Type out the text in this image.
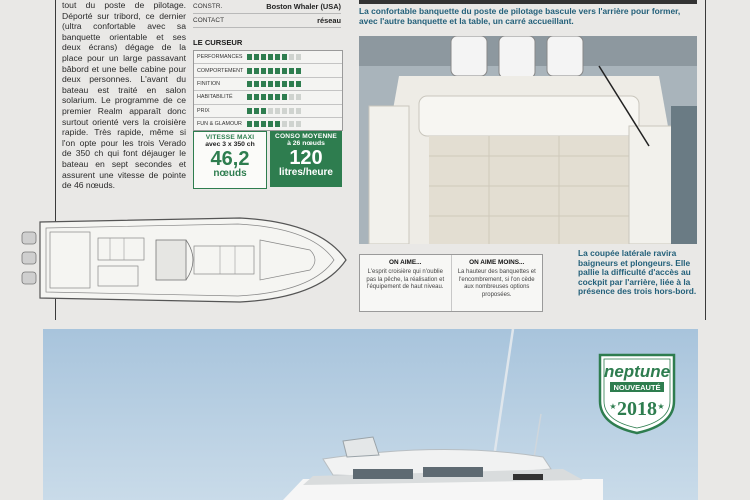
tout du poste de pilotage. Déporté sur tribord, ce dernier (ultra confortable avec sa banquette orientable et ses deux écrans) dégage de la place pour un large passavant bâbord et une belle cabine pour deux personnes. L'avant du bateau est traité en salon solarium. Le programme de ce premier Realm apparaît donc surtout orienté vers la croisière rapide. Très rapide, même si l'on opte pour les trois Verado de 350 ch qui font déjauger le bateau en sept secondes et assurent une vitesse de pointe de 46 nœuds.
CONSTR.	Boston Whaler (USA)
CONTACT	réseau
LE CURSEUR
PERFORMANCES
COMPORTEMENT
FINITION
HABITABILITÉ
PRIX
FUN & GLAMOUR
VITESSE MAXI
avec 3 x 350 ch
46,2
nœuds
CONSO MOYENNE
à 26 nœuds
120
litres/heure
La confortable banquette du poste de pilotage bascule vers l'arrière pour former, avec l'autre banquette et la table, un carré accueillant.
ON AIME...
L'esprit croisière qui n'oublie pas la pêche, la réalisation et l'équipement de haut niveau.
ON AIME MOINS...
La hauteur des banquettes et l'encombrement, si l'on cède aux nombreuses options proposées.
La coupée latérale ravira baigneurs et plongeurs. Elle pallie la difficulté d'accès au cockpit par l'arrière, liée à la présence des trois hors-bord.
neptune
NOUVEAUTÉ
2018
★	★
